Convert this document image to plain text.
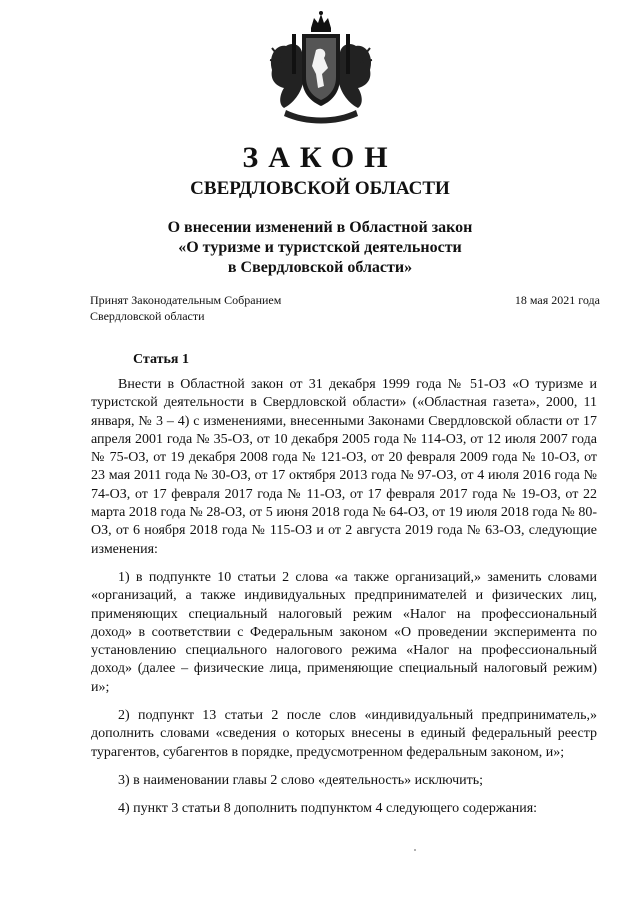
ЗАКОН
СВЕРДЛОВСКОЙ ОБЛАСТИ
О внесении изменений в Областной закон
«О туризме и туристской деятельности
в Свердловской области»
Принят Законодательным Собранием
Свердловской области
18 мая 2021 года
Статья 1

Внести в Областной закон от 31 декабря 1999 года № 51-ОЗ «О туризме и туристской деятельности в Свердловской области» («Областная газета», 2000, 11 января, № 3 – 4) с изменениями, внесенными Законами Свердловской области от 17 апреля 2001 года № 35-ОЗ, от 10 декабря 2005 года № 114-ОЗ, от 12 июля 2007 года № 75-ОЗ, от 19 декабря 2008 года № 121-ОЗ, от 20 февраля 2009 года № 10-ОЗ, от 23 мая 2011 года № 30-ОЗ, от 17 октября 2013 года № 97-ОЗ, от 4 июля 2016 года № 74-ОЗ, от 17 февраля 2017 года № 11-ОЗ, от 17 февраля 2017 года № 19-ОЗ, от 22 марта 2018 года № 28-ОЗ, от 5 июня 2018 года № 64-ОЗ, от 19 июля 2018 года № 80-ОЗ, от 6 ноября 2018 года № 115-ОЗ и от 2 августа 2019 года № 63-ОЗ, следующие изменения:

1) в подпункте 10 статьи 2 слова «а также организаций,» заменить словами «организаций, а также индивидуальных предпринимателей и физических лиц, применяющих специальный налоговый режим «Налог на профессиональный доход» в соответствии с Федеральным законом «О проведении эксперимента по установлению специального налогового режима «Налог на профессиональный доход» (далее – физические лица, применяющие специальный налоговый режим) и»;

2) подпункт 13 статьи 2 после слов «индивидуальный предприниматель,» дополнить словами «сведения о которых внесены в единый федеральный реестр турагентов, субагентов в порядке, предусмотренном федеральным законом, и»;

3) в наименовании главы 2 слово «деятельность» исключить;

4) пункт 3 статьи 8 дополнить подпунктом 4 следующего содержания:
